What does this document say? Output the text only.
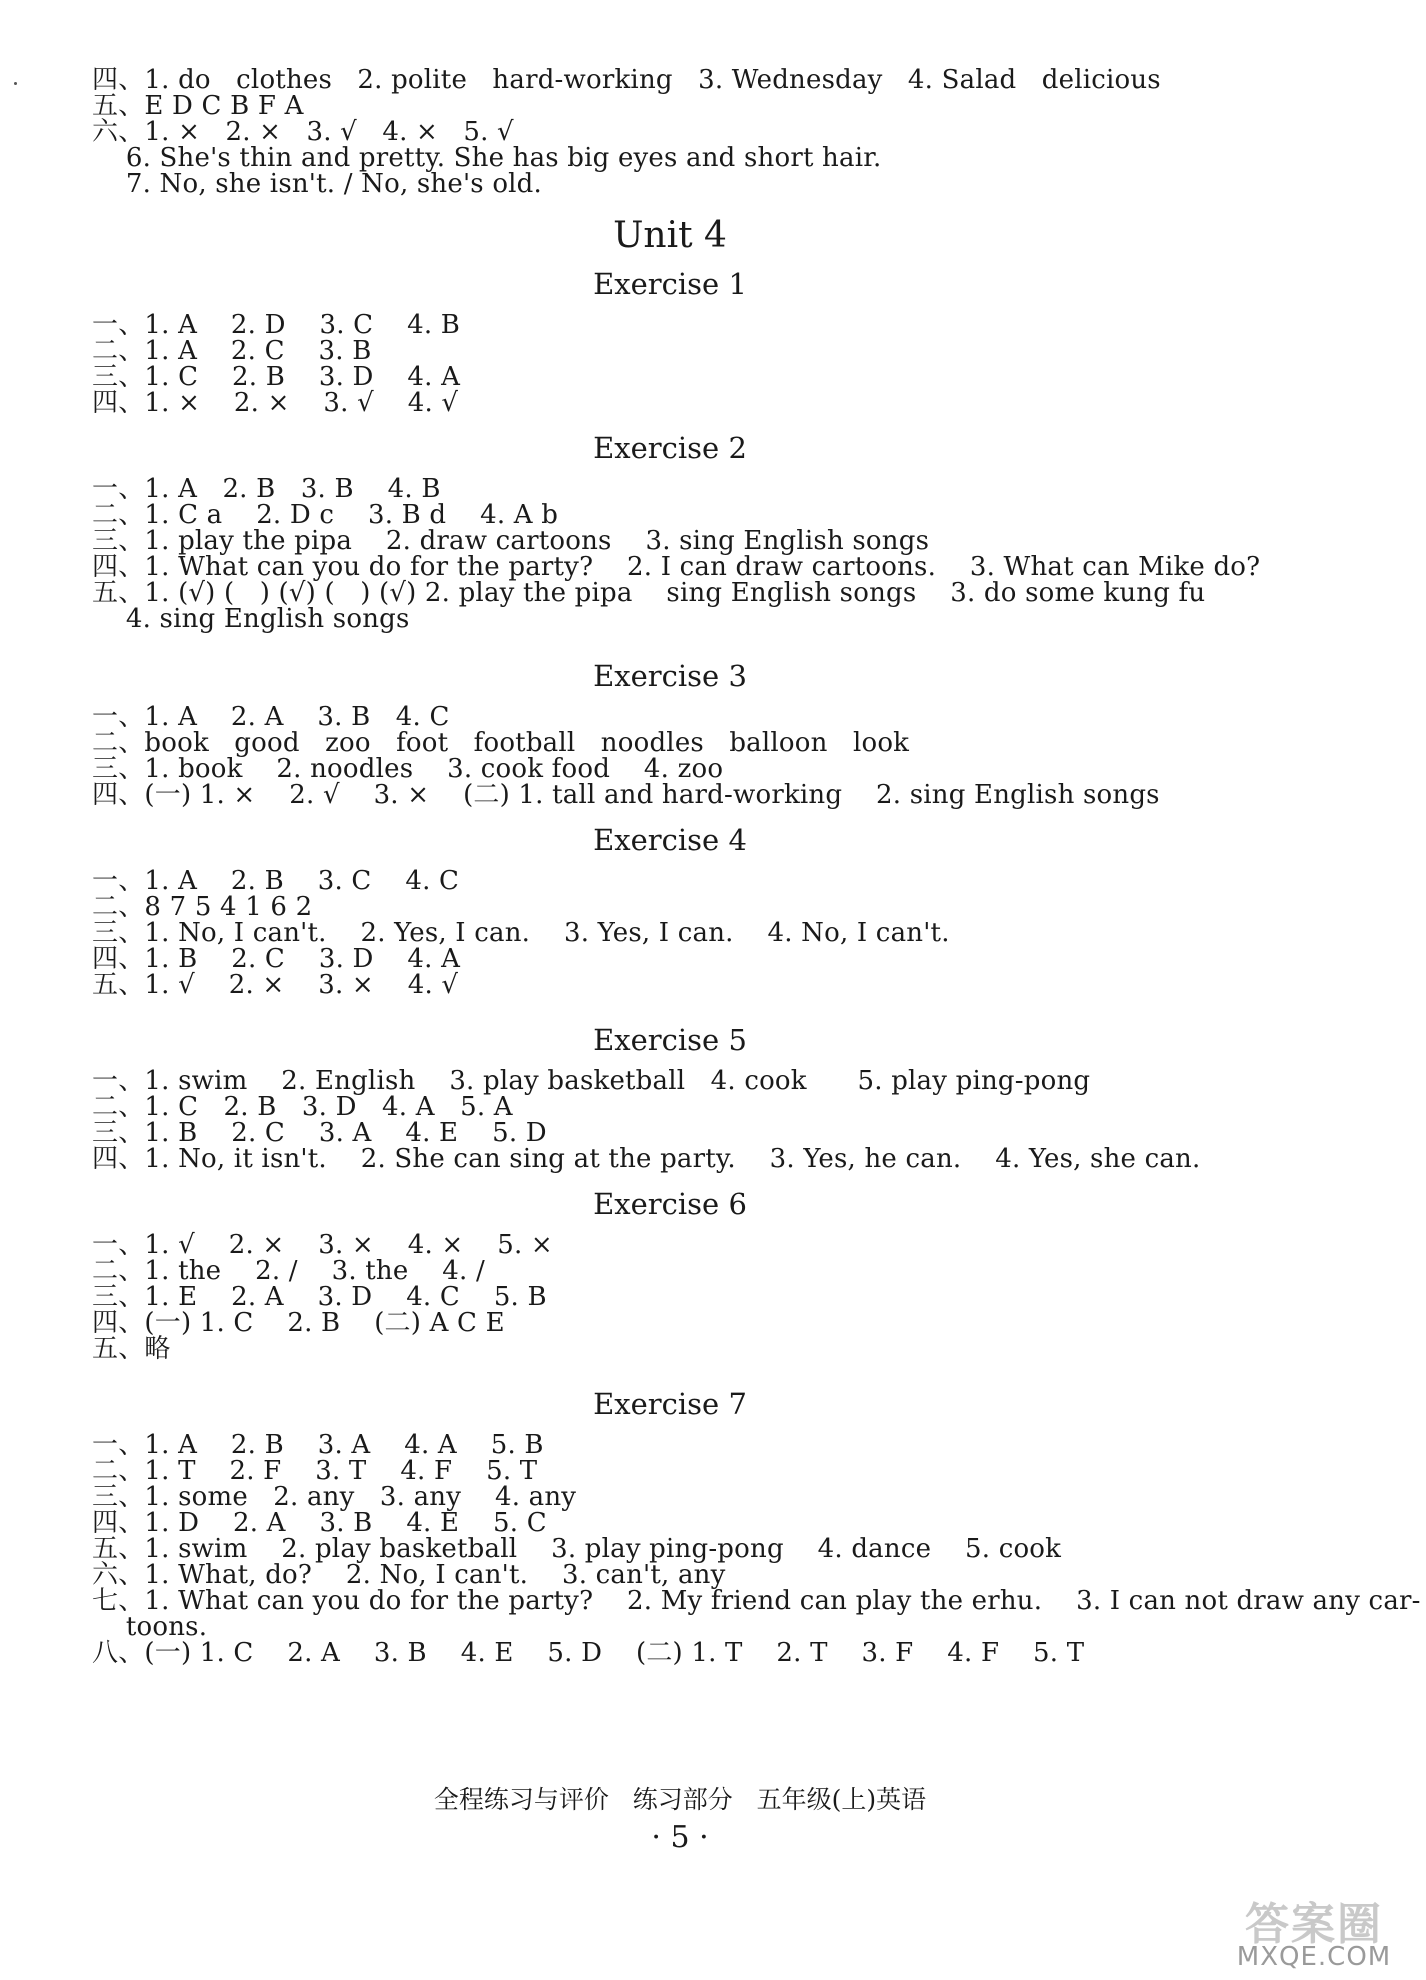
四、1. do   clothes   2. polite   hard-working   3. Wednesday   4. Salad   delicious
五、E D C B F A
六、1. ×   2. ×   3. √   4. ×   5. √
6. She's thin and pretty. She has big eyes and short hair.
7. No, she isn't. / No, she's old.
Unit 4
Exercise 1
一、1. A    2. D    3. C    4. B
二、1. A    2. C    3. B
三、1. C    2. B    3. D    4. A
四、1. ×    2. ×    3. √    4. √
Exercise 2
一、1. A   2. B   3. B    4. B
二、1. C a    2. D c    3. B d    4. A b
三、1. play the pipa    2. draw cartoons    3. sing English songs
四、1. What can you do for the party?    2. I can draw cartoons.    3. What can Mike do?
五、1. (√) (   ) (√) (   ) (√) 2. play the pipa    sing English songs    3. do some kung fu
4. sing English songs
Exercise 3
一、1. A    2. A    3. B   4. C
二、book   good   zoo   foot   football   noodles   balloon   look
三、1. book    2. noodles    3. cook food    4. zoo
四、(一) 1. ×    2. √    3. ×    (二) 1. tall and hard-working    2. sing English songs
Exercise 4
一、1. A    2. B    3. C    4. C
二、8 7 5 4 1 6 2
三、1. No, I can't.    2. Yes, I can.    3. Yes, I can.    4. No, I can't.
四、1. B    2. C    3. D    4. A
五、1. √    2. ×    3. ×    4. √
Exercise 5
一、1. swim    2. English    3. play basketball   4. cook      5. play ping-pong
二、1. C   2. B   3. D   4. A   5. A
三、1. B    2. C    3. A    4. E    5. D
四、1. No, it isn't.    2. She can sing at the party.    3. Yes, he can.    4. Yes, she can.
Exercise 6
一、1. √    2. ×    3. ×    4. ×    5. ×
二、1. the    2. /    3. the    4. /
三、1. E    2. A    3. D    4. C    5. B
四、(一) 1. C    2. B    (二) A C E
五、略
Exercise 7
一、1. A    2. B    3. A    4. A    5. B
二、1. T    2. F    3. T    4. F    5. T
三、1. some   2. any   3. any    4. any
四、1. D    2. A    3. B    4. E    5. C
五、1. swim    2. play basketball    3. play ping-pong    4. dance    5. cook
六、1. What, do?    2. No, I can't.    3. can't, any
七、1. What can you do for the party?    2. My friend can play the erhu.    3. I can not draw any car-
toons.
八、(一) 1. C    2. A    3. B    4. E    5. D    (二) 1. T    2. T    3. F    4. F    5. T
全程练习与评价   练习部分   五年级(上)英语
· 5 ·
答案圈
MXQE.COM
